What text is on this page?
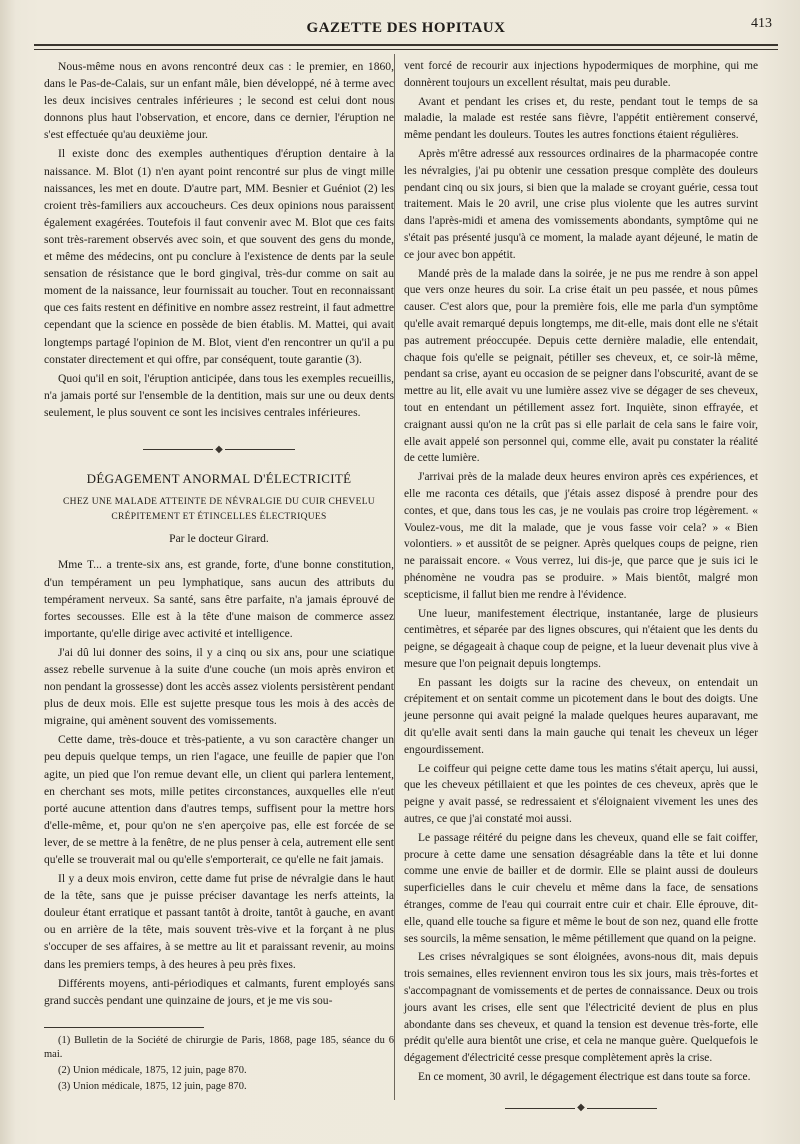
GAZETTE DES HOPITAUX	413

Nous-même nous en avons rencontré deux cas : le premier, en 1860, dans le Pas-de-Calais, sur un enfant mâle, bien développé, né à terme avec les deux incisives centrales inférieures ; le second est celui dont nous donnons plus haut l'observation, et encore, dans ce dernier, l'éruption ne s'est effectuée qu'au deuxième jour.

Il existe donc des exemples authentiques d'éruption dentaire à la naissance. M. Blot (1) n'en ayant point rencontré sur plus de vingt mille naissances, les met en doute. D'autre part, MM. Besnier et Guéniot (2) les croient très-familiers aux accoucheurs. Ces deux opinions nous paraissent également exagérées. Toutefois il faut convenir avec M. Blot que ces faits sont très-rarement observés avec soin, et que souvent des gens du monde, et même des médecins, ont pu conclure à l'existence de dents par la seule sensation de résistance que le bord gingival, très-dur comme on sait au moment de la naissance, leur fournissait au toucher. Tout en reconnaissant que ces faits restent en définitive en nombre assez restreint, il faut admettre cependant que la science en possède de bien établis. M. Mattei, qui avait longtemps partagé l'opinion de M. Blot, vient d'en rencontrer un qu'il a pu constater directement et qui offre, par conséquent, toute garantie (3).

Quoi qu'il en soit, l'éruption anticipée, dans tous les exemples recueillis, n'a jamais porté sur l'ensemble de la dentition, mais sur une ou deux dents seulement, le plus souvent ce sont les incisives centrales inférieures.

◆
DÉGAGEMENT ANORMAL D'ÉLECTRICITÉ
CHEZ UNE MALADE ATTEINTE DE NÉVRALGIE DU CUIR CHEVELU
CRÉPITEMENT ET ÉTINCELLES ÉLECTRIQUES
Par le docteur Girard.

Mme T... a trente-six ans, est grande, forte, d'une bonne constitution, d'un tempérament un peu lymphatique, sans aucun des attributs du tempérament nerveux. Sa santé, sans être parfaite, n'a jamais éprouvé de fortes secousses. Elle est à la tête d'une maison de commerce assez importante, qu'elle dirige avec activité et intelligence.

J'ai dû lui donner des soins, il y a cinq ou six ans, pour une sciatique assez rebelle survenue à la suite d'une couche (un mois après environ et non pendant la grossesse) dont les accès assez violents persistèrent pendant plus de deux mois. Elle est sujette presque tous les mois à des accès de migraine, qui amènent souvent des vomissements.

Cette dame, très-douce et très-patiente, a vu son caractère changer un peu depuis quelque temps, un rien l'agace, une feuille de papier que l'on agite, un pied que l'on remue devant elle, un client qui parlera lentement, en cherchant ses mots, mille petites circonstances, auxquelles elle n'eut porté aucune attention dans d'autres temps, suffisent pour la mettre hors d'elle-même, et, pour qu'on ne s'en aperçoive pas, elle est forcée de se lever, de se mettre à la fenêtre, de ne plus penser à cela, autrement elle sent qu'elle se trouverait mal ou qu'elle s'emporterait, ce qu'elle ne fait jamais.

Il y a deux mois environ, cette dame fut prise de névralgie dans le haut de la tête, sans que je puisse préciser davantage les nerfs atteints, la douleur étant erratique et passant tantôt à droite, tantôt à gauche, en avant ou en arrière de la tête, mais souvent très-vive et la forçant à ne plus s'occuper de ses affaires, à se mettre au lit et paraissant revenir, au moins dans les premiers temps, à des heures à peu près fixes.

Différents moyens, anti-périodiques et calmants, furent employés sans grand succès pendant une quinzaine de jours, et je me vis sou-

(1) Bulletin de la Société de chirurgie de Paris, 1868, page 185, séance du 6 mai.

(2) Union médicale, 1875, 12 juin, page 870.

(3) Union médicale, 1875, 12 juin, page 870.

vent forcé de recourir aux injections hypodermiques de morphine, qui me donnèrent toujours un excellent résultat, mais peu durable.

Avant et pendant les crises et, du reste, pendant tout le temps de sa maladie, la malade est restée sans fièvre, l'appétit entièrement conservé, même pendant les douleurs. Toutes les autres fonctions étaient régulières.

Après m'être adressé aux ressources ordinaires de la pharmacopée contre les névralgies, j'ai pu obtenir une cessation presque complète des douleurs pendant cinq ou six jours, si bien que la malade se croyant guérie, cessa tout traitement. Mais le 20 avril, une crise plus violente que les autres survint dans l'après-midi et amena des vomissements abondants, symptôme qui ne s'était pas présenté jusqu'à ce moment, la malade ayant déjeuné, le matin de ce jour avec bon appétit.

Mandé près de la malade dans la soirée, je ne pus me rendre à son appel que vers onze heures du soir. La crise était un peu passée, et nous pûmes causer. C'est alors que, pour la première fois, elle me parla d'un symptôme qu'elle avait remarqué depuis longtemps, me dit-elle, mais dont elle ne s'était pas autrement préoccupée. Depuis cette dernière maladie, elle entendait, chaque fois qu'elle se peignait, pétiller ses cheveux, et, ce soir-là même, pendant sa crise, ayant eu occasion de se peigner dans l'obscurité, avant de se mettre au lit, elle avait vu une lumière assez vive se dégager de ses cheveux, tout en entendant un pétillement assez fort. Inquiète, sinon effrayée, et craignant aussi qu'on ne la crût pas si elle parlait de cela sans le faire voir, elle avait appelé son personnel qui, comme elle, avait pu constater la réalité de cette lumière.

J'arrivai près de la malade deux heures environ après ces expériences, et elle me raconta ces détails, que j'étais assez disposé à prendre pour des contes, et que, dans tous les cas, je ne voulais pas croire trop légèrement. « Voulez-vous, me dit la malade, que je vous fasse voir cela? » « Bien volontiers. » et aussitôt de se peigner. Après quelques coups de peigne, rien ne paraissait encore. « Vous verrez, lui dis-je, que parce que je suis ici le phénomène ne voudra pas se produire. » Mais bientôt, malgré mon scepticisme, il fallut bien me rendre à l'évidence.

Une lueur, manifestement électrique, instantanée, large de plusieurs centimètres, et séparée par des lignes obscures, qui n'étaient que les dents du peigne, se dégageait à chaque coup de peigne, et la lueur devenait plus vive à mesure que l'on peignait depuis longtemps.

En passant les doigts sur la racine des cheveux, on entendait un crépitement et on sentait comme un picotement dans le bout des doigts. Une jeune personne qui avait peigné la malade quelques heures auparavant, me dit qu'elle avait senti dans la main gauche qui tenait les cheveux un léger engourdissement.

Le coiffeur qui peigne cette dame tous les matins s'était aperçu, lui aussi, que les cheveux pétillaient et que les pointes de ces cheveux, après que le peigne y avait passé, se redressaient et s'éloignaient vivement les unes des autres, ce que j'ai constaté moi aussi.

Le passage réitéré du peigne dans les cheveux, quand elle se fait coiffer, procure à cette dame une sensation désagréable dans la tête et lui donne comme une envie de bailler et de dormir. Elle se plaint aussi de douleurs superficielles dans le cuir chevelu et même dans la face, de sensations étranges, comme de l'eau qui courrait entre cuir et chair. Elle éprouve, dit-elle, quand elle touche sa figure et même le bout de son nez, quand elle frotte ses sourcils, la même sensation, le même pétillement que quand on la peigne.

Les crises névralgiques se sont éloignées, avons-nous dit, mais depuis trois semaines, elles reviennent environ tous les six jours, mais très-fortes et s'accompagnant de vomissements et de pertes de connaissance. Deux ou trois jours avant les crises, elle sent que l'électricité devient de plus en plus abondante dans ses cheveux, et quand la tension est devenue très-forte, elle prédit qu'elle aura bientôt une crise, et cela ne manque guère. Quelquefois le dégagement d'électricité cesse presque complètement après la crise.

En ce moment, 30 avril, le dégagement électrique est dans toute sa force.

◆
